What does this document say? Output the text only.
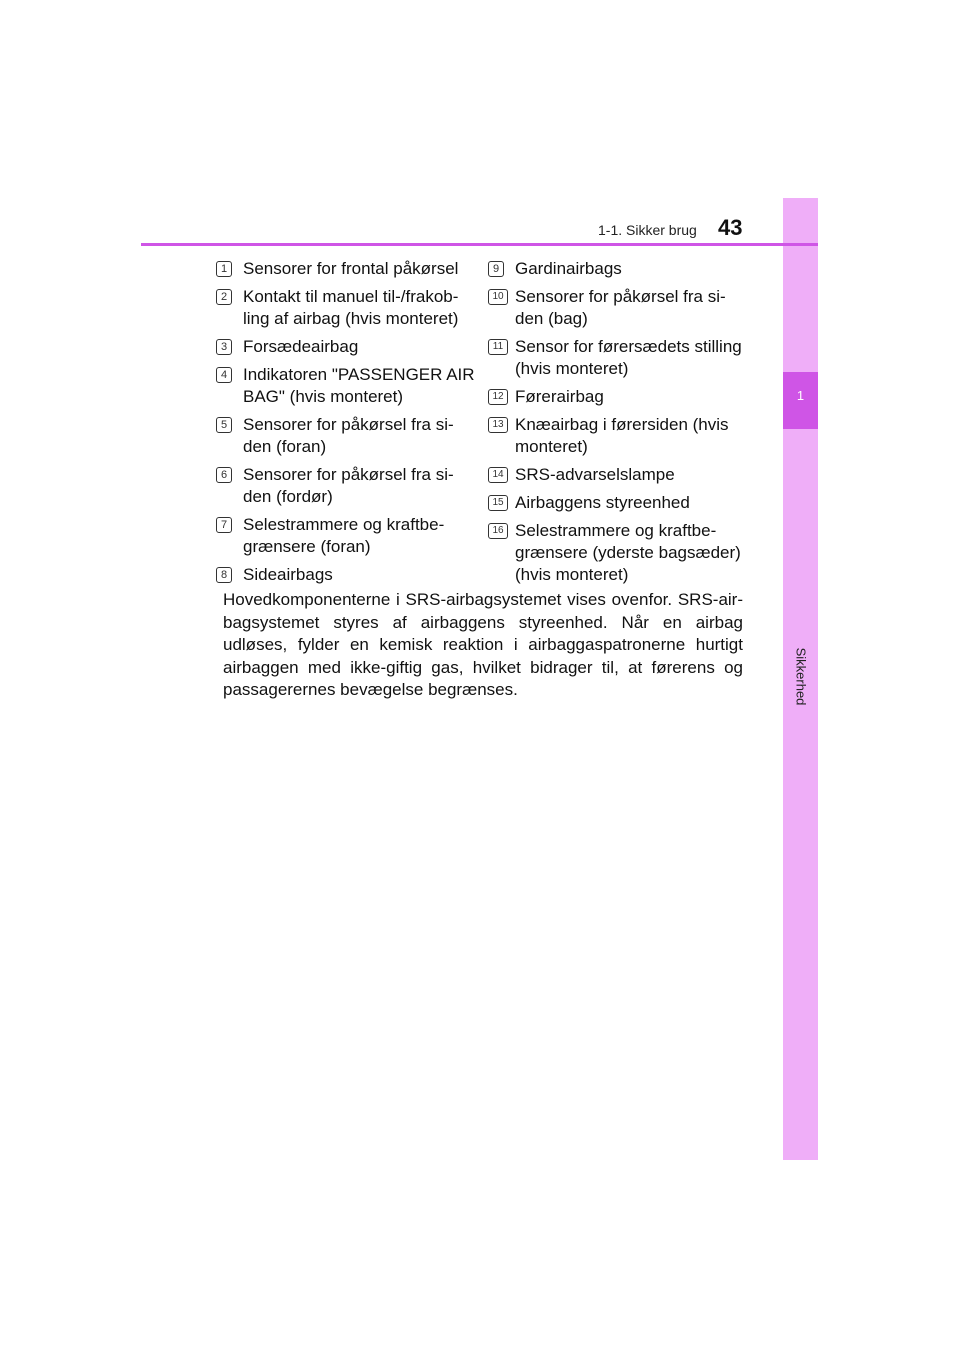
1
Sikkerhed
1-1. Sikker brug 43
1 Sensorer for frontal påkørsel
2 Kontakt til manuel til-/frakob-ling af airbag (hvis monteret)
3 Forsædeairbag
4 Indikatoren "PASSENGER AIR BAG" (hvis monteret)
5 Sensorer for påkørsel fra si-den (foran)
6 Sensorer for påkørsel fra si-den (fordør)
7 Selestrammere og kraftbe-grænsere (foran)
8 Sideairbags
9 Gardinairbags
10 Sensorer for påkørsel fra si-den (bag)
11 Sensor for førersædets stilling (hvis monteret)
12 Førerairbag
13 Knæairbag i førersiden (hvis monteret)
14 SRS-advarselslampe
15 Airbaggens styreenhed
16 Selestrammere og kraftbe-grænsere (yderste bagsæder) (hvis monteret)
Hovedkomponenterne i SRS-airbagsystemet vises ovenfor. SRS-air-bagsystemet styres af airbaggens styreenhed. Når en airbag udløses, fylder en kemisk reaktion i airbaggaspatronerne hurtigt airbaggen med ikke-giftig gas, hvilket bidrager til, at førerens og passagerernes bevægelse begrænses.
